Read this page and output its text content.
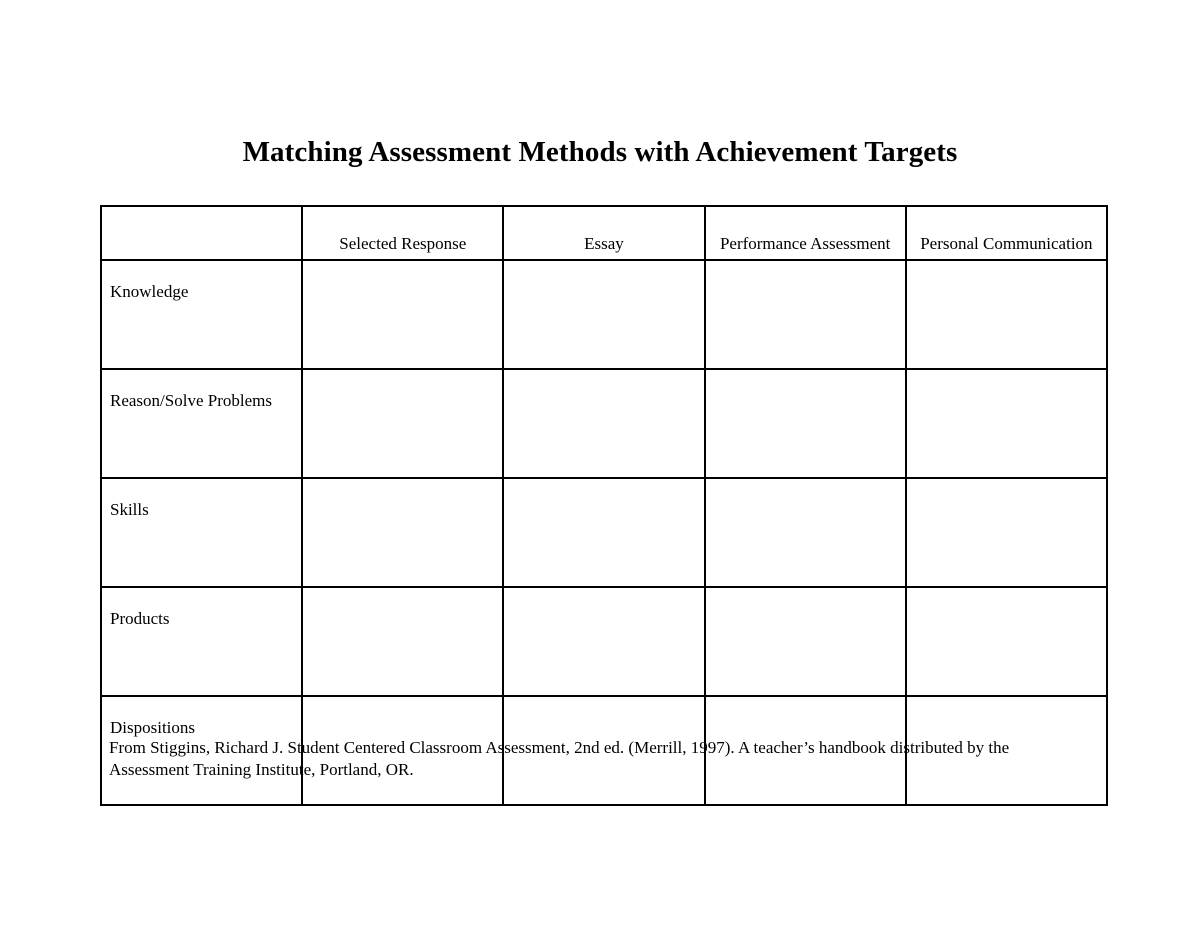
Matching Assessment Methods with Achievement Targets
	Selected Response	Essay	Performance Assessment	Personal Communication
Knowledge				
Reason/Solve Problems				
Skills				
Products				
Dispositions				
From Stiggins, Richard J. Student Centered Classroom Assessment, 2nd ed. (Merrill, 1997). A teacher’s handbook distributed by the
Assessment Training Institute, Portland, OR.
